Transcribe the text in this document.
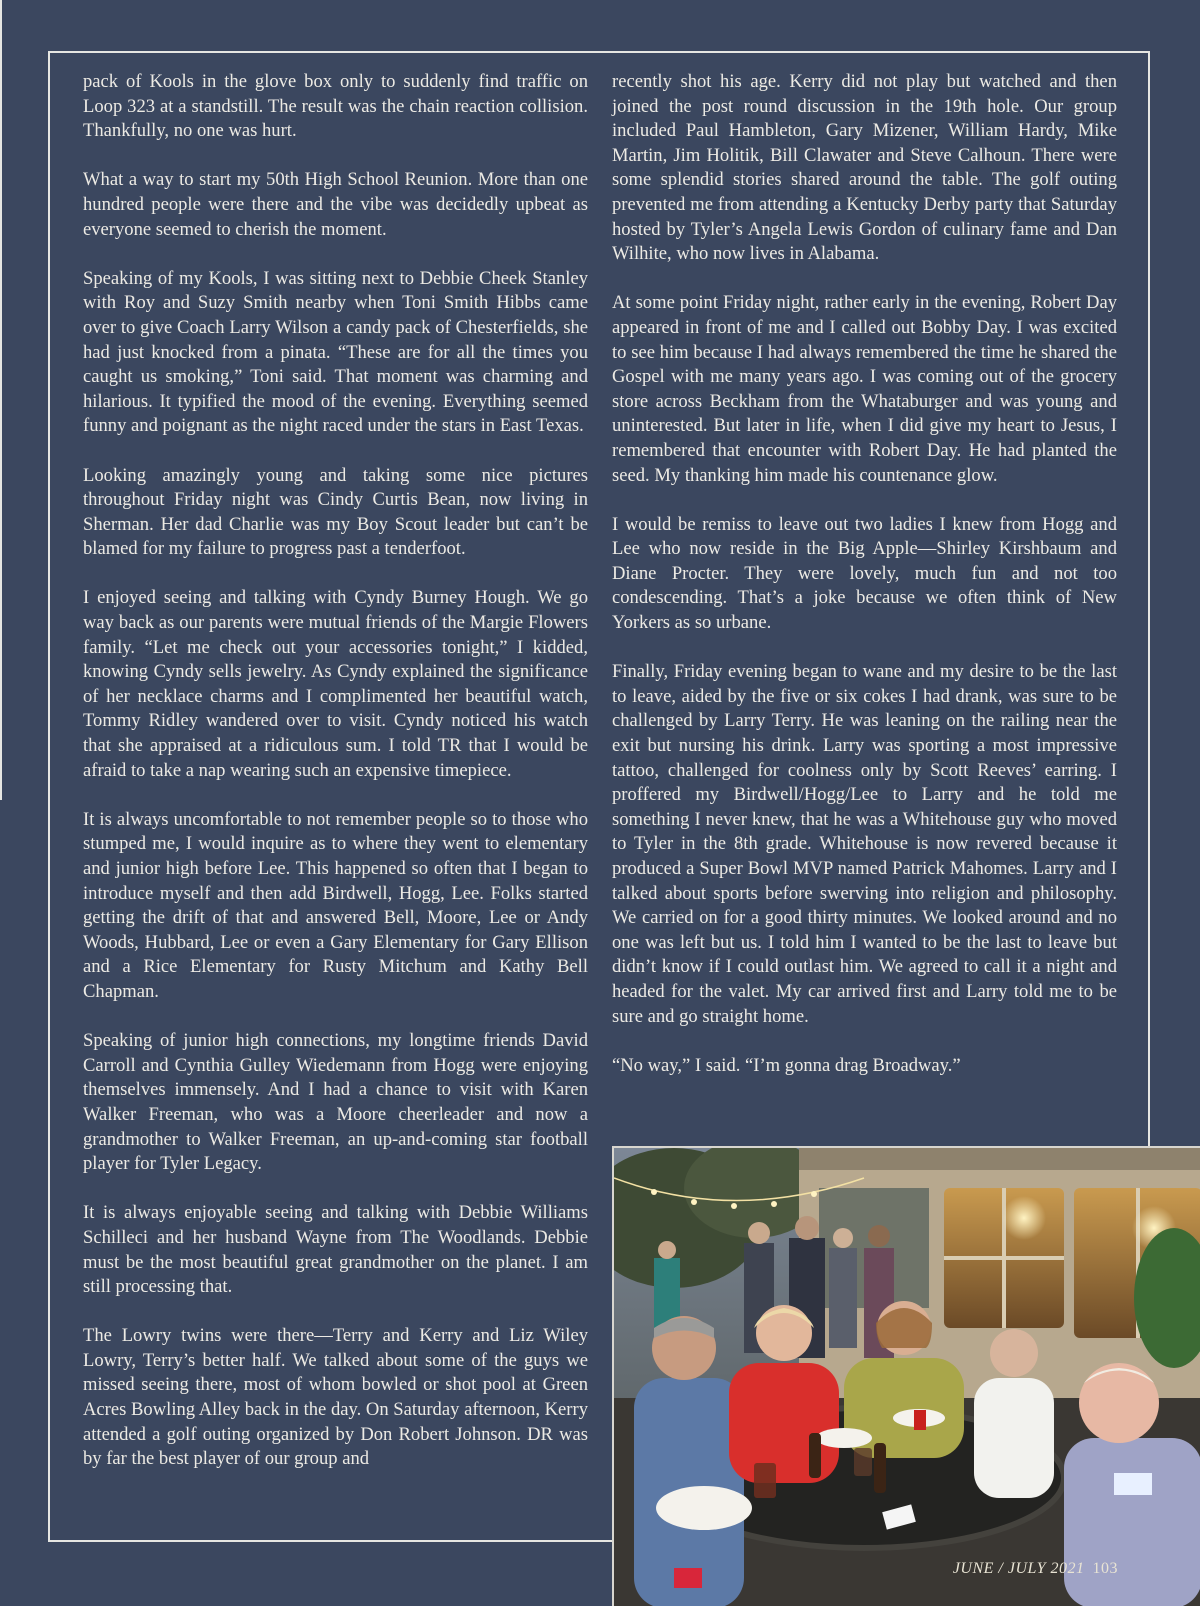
pack of Kools in the glove box only to suddenly find traffic on Loop 323 at a standstill. The result was the chain reaction collision. Thankfully, no one was hurt.

What a way to start my 50th High School Reunion. More than one hundred people were there and the vibe was decidedly upbeat as everyone seemed to cherish the moment.

Speaking of my Kools, I was sitting next to Debbie Cheek Stanley with Roy and Suzy Smith nearby when Toni Smith Hibbs came over to give Coach Larry Wilson a candy pack of Chesterfields, she had just knocked from a pinata. “These are for all the times you caught us smoking,” Toni said. That moment was charming and hilarious. It typified the mood of the evening. Everything seemed funny and poignant as the night raced under the stars in East Texas.

Looking amazingly young and taking some nice pictures throughout Friday night was Cindy Curtis Bean, now living in Sherman. Her dad Charlie was my Boy Scout leader but can’t be blamed for my failure to progress past a tenderfoot.

I enjoyed seeing and talking with Cyndy Burney Hough. We go way back as our parents were mutual friends of the Margie Flowers family. “Let me check out your accessories tonight,” I kidded, knowing Cyndy sells jewelry. As Cyndy explained the significance of her necklace charms and I complimented her beautiful watch, Tommy Ridley wandered over to visit. Cyndy noticed his watch that she appraised at a ridiculous sum. I told TR that I would be afraid to take a nap wearing such an expensive timepiece.

It is always uncomfortable to not remember people so to those who stumped me, I would inquire as to where they went to elementary and junior high before Lee. This happened so often that I began to introduce myself and then add Birdwell, Hogg, Lee. Folks started getting the drift of that and answered Bell, Moore, Lee or Andy Woods, Hubbard, Lee or even a Gary Elementary for Gary Ellison and a Rice Elementary for Rusty Mitchum and Kathy Bell Chapman.

Speaking of junior high connections, my longtime friends David Carroll and Cynthia Gulley Wiedemann from Hogg were enjoying themselves immensely. And I had a chance to visit with Karen Walker Freeman, who was a Moore cheerleader and now a grandmother to Walker Freeman, an up-and-coming star football player for Tyler Legacy.

It is always enjoyable seeing and talking with Debbie Williams Schilleci and her husband Wayne from The Woodlands. Debbie must be the most beautiful great grandmother on the planet. I am still processing that.

The Lowry twins were there—Terry and Kerry and Liz Wiley Lowry, Terry’s better half. We talked about some of the guys we missed seeing there, most of whom bowled or shot pool at Green Acres Bowling Alley back in the day. On Saturday afternoon, Kerry attended a golf outing organized by Don Robert Johnson. DR was by far the best player of our group and

recently shot his age. Kerry did not play but watched and then joined the post round discussion in the 19th hole. Our group included Paul Hambleton, Gary Mizener, William Hardy, Mike Martin, Jim Holitik, Bill Clawater and Steve Calhoun. There were some splendid stories shared around the table. The golf outing prevented me from attending a Kentucky Derby party that Saturday hosted by Tyler’s Angela Lewis Gordon of culinary fame and Dan Wilhite, who now lives in Alabama.

At some point Friday night, rather early in the evening, Robert Day appeared in front of me and I called out Bobby Day. I was excited to see him because I had always remembered the time he shared the Gospel with me many years ago. I was coming out of the grocery store across Beckham from the Whataburger and was young and uninterested. But later in life, when I did give my heart to Jesus, I remembered that encounter with Robert Day. He had planted the seed. My thanking him made his countenance glow.

I would be remiss to leave out two ladies I knew from Hogg and Lee who now reside in the Big Apple—Shirley Kirshbaum and Diane Procter. They were lovely, much fun and not too condescending. That’s a joke because we often think of New Yorkers as so urbane.

Finally, Friday evening began to wane and my desire to be the last to leave, aided by the five or six cokes I had drank, was sure to be challenged by Larry Terry. He was leaning on the railing near the exit but nursing his drink. Larry was sporting a most impressive tattoo, challenged for coolness only by Scott Reeves’ earring. I proffered my Birdwell/Hogg/Lee to Larry and he told me something I never knew, that he was a Whitehouse guy who moved to Tyler in the 8th grade. Whitehouse is now revered because it produced a Super Bowl MVP named Patrick Mahomes. Larry and I talked about sports before swerving into religion and philosophy. We carried on for a good thirty minutes. We looked around and no one was left but us. I told him I wanted to be the last to leave but didn’t know if I could outlast him. We agreed to call it a night and headed for the valet. My car arrived first and Larry told me to be sure and go straight home.

“No way,” I said. “I’m gonna drag Broadway.”

JUNE / JULY 2021 103
